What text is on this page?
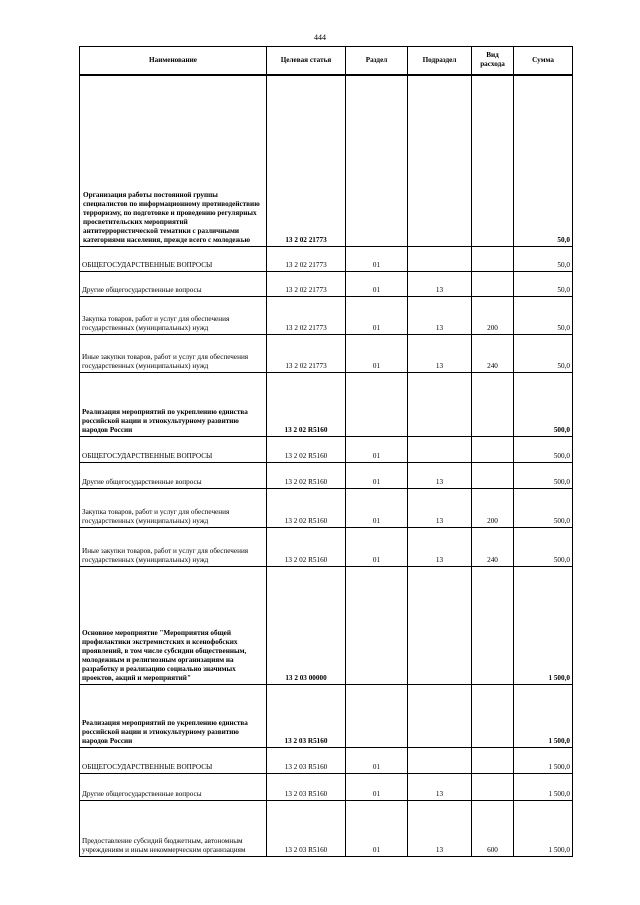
444
Наименование	Целевая статья	Раздел	Подраздел	Вид расхода	Сумма
Организация работы постоянной группы специалистов по информационному противодействию терроризму, по подготовке и проведению регулярных просветительских мероприятий антитеррористической тематики с различными категориями населения, прежде всего с молодежью	13 2 02 21773				50,0
ОБЩЕГОСУДАРСТВЕННЫЕ ВОПРОСЫ	13 2 02 21773	01			50,0
Другие общегосударственные вопросы	13 2 02 21773	01	13		50,0
Закупка товаров, работ и услуг для обеспечения государственных (муниципальных) нужд	13 2 02 21773	01	13	200	50,0
Иные закупки товаров, работ и услуг для обеспечения государственных (муниципальных) нужд	13 2 02 21773	01	13	240	50,0
Реализация мероприятий по укреплению единства российской нации и этнокультурному развитию народов России	13 2 02 R5160				500,0
ОБЩЕГОСУДАРСТВЕННЫЕ ВОПРОСЫ	13 2 02 R5160	01			500,0
Другие общегосударственные вопросы	13 2 02 R5160	01	13		500,0
Закупка товаров, работ и услуг для обеспечения государственных (муниципальных) нужд	13 2 02 R5160	01	13	200	500,0
Иные закупки товаров, работ и услуг для обеспечения государственных (муниципальных) нужд	13 2 02 R5160	01	13	240	500,0
Основное мероприятие "Мероприятия общей профилактики экстремистских и ксенофобских проявлений, в том числе субсидии общественным, молодежным и религиозным организациям на разработку и реализацию социально значимых проектов, акций и мероприятий"	13 2 03 00000				1 500,0
Реализация мероприятий по укреплению единства российской нации и этнокультурному развитию народов России	13 2 03 R5160				1 500,0
ОБЩЕГОСУДАРСТВЕННЫЕ ВОПРОСЫ	13 2 03 R5160	01			1 500,0
Другие общегосударственные вопросы	13 2 03 R5160	01	13		1 500,0
Предоставление субсидий бюджетным, автономным учреждениям и иным некоммерческим организациям	13 2 03 R5160	01	13	600	1 500,0
